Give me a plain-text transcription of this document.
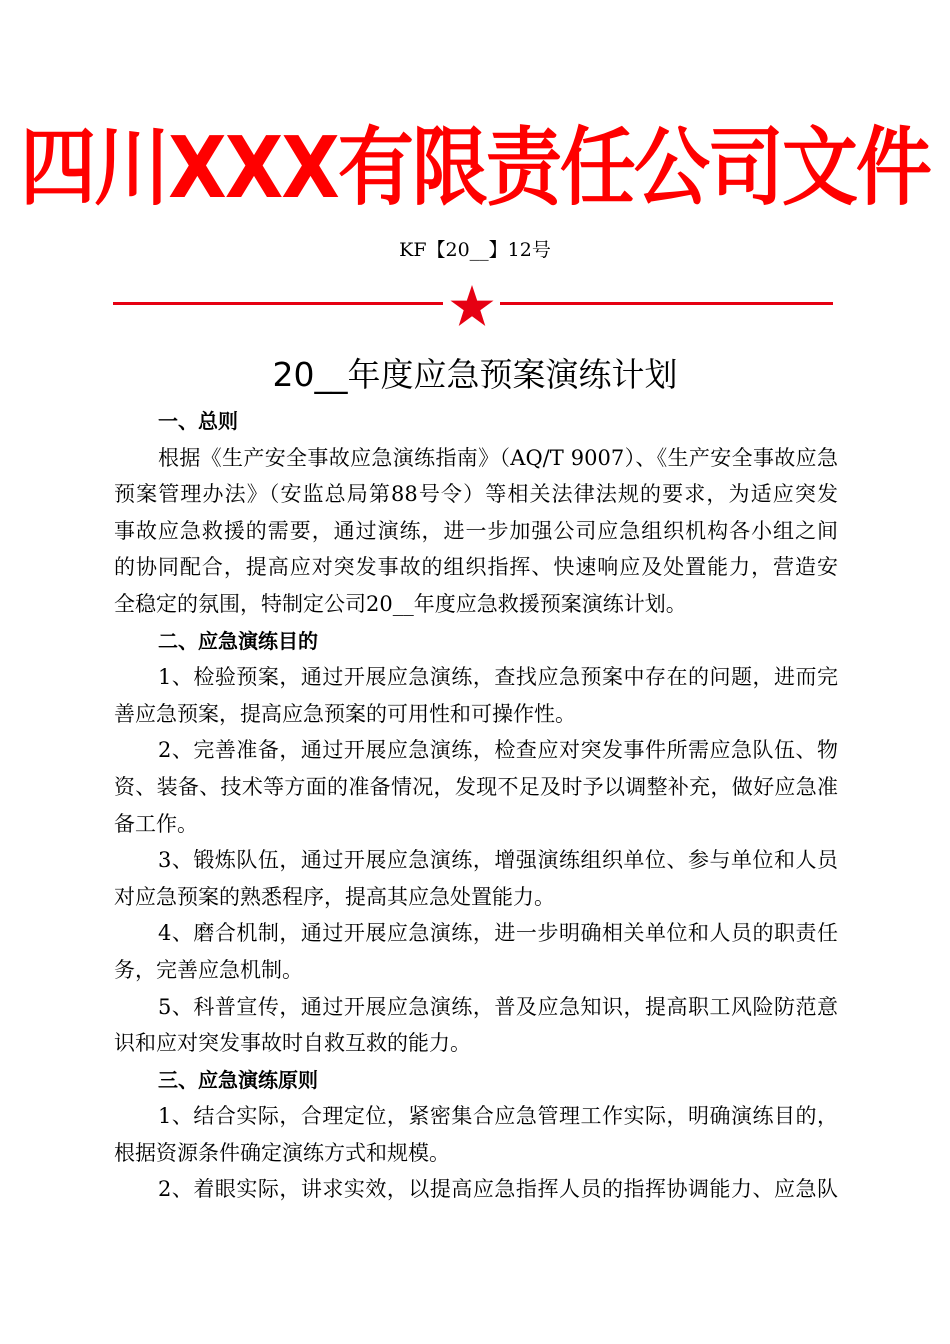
四川XXX有限责任公司文件
KF【20__】12号
20__年度应急预案演练计划
一、总则
根据《生产安全事故应急演练指南》（AQ/T 9007）、《生产安全事故应急
预案管理办法》（安监总局第88号令）等相关法律法规的要求，为适应突发
事故应急救援的需要，通过演练，进一步加强公司应急组织机构各小组之间
的协同配合，提高应对突发事故的组织指挥、快速响应及处置能力，营造安
全稳定的氛围，特制定公司20__年度应急救援预案演练计划。
二、应急演练目的
1、检验预案，通过开展应急演练，查找应急预案中存在的问题，进而完
善应急预案，提高应急预案的可用性和可操作性。
2、完善准备，通过开展应急演练，检查应对突发事件所需应急队伍、物
资、装备、技术等方面的准备情况，发现不足及时予以调整补充，做好应急准
备工作。
3、锻炼队伍，通过开展应急演练，增强演练组织单位、参与单位和人员
对应急预案的熟悉程序，提高其应急处置能力。
4、磨合机制，通过开展应急演练，进一步明确相关单位和人员的职责任
务，完善应急机制。
5、科普宣传，通过开展应急演练，普及应急知识，提高职工风险防范意
识和应对突发事故时自救互救的能力。
三、应急演练原则
1、结合实际，合理定位，紧密集合应急管理工作实际，明确演练目的，
根据资源条件确定演练方式和规模。
2、着眼实际，讲求实效，以提高应急指挥人员的指挥协调能力、应急队
